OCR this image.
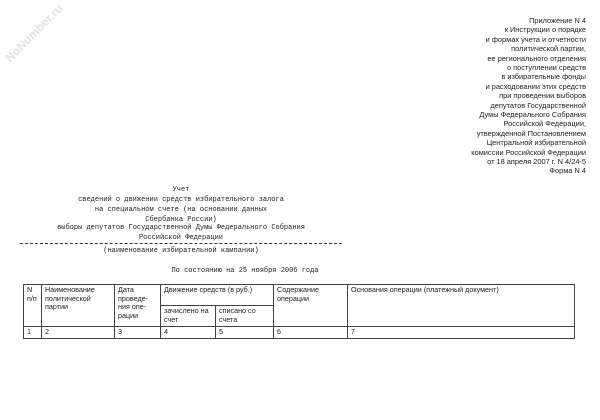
NoNumber.ru	Приложение N 4
к Инструкции о порядке
и формах учета и отчетности
политической партии,
ее регионального отделения
о поступлении средств
в избирательные фонды
и расходовании этих средств
при проведении выборов
депутатов Государственной
Думы Федерального Собрания
Российской Федерации,
утвержденной Постановлением
Центральной избирательной
комиссии Российской Федерации
от 18 апреля 2007 г. N 4/24-5
Форма N 4
Учет
сведений о движении средств избирательного залога
на специальном счете (на основании данных
Сбербанка России)
выборы депутатов Государственной Думы Федерального Собрания
Российской Федерации
(наименование избирательной кампании)
По состоянию на 25 ноября 2006 года
N п/п	Наименование политической партии	Дата проведе- ния опе- рации	Движение средств (в руб.)		Содержание операции	Основания операции (платежный документ)
			зачислено на счет	списано со счета		
1	2	3	4	5	6	7
